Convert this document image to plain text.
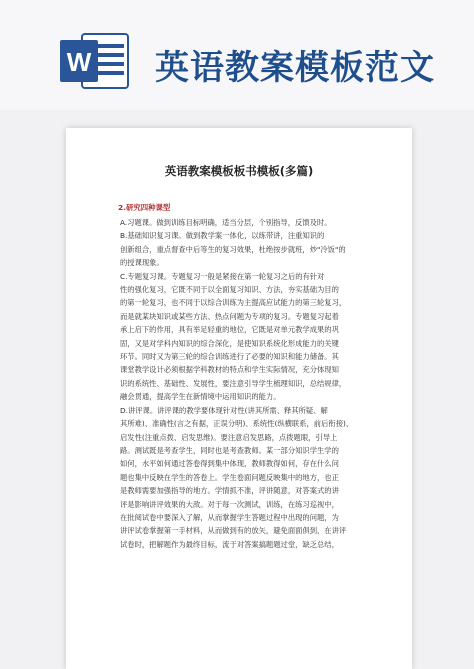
W 英语教案模板范文
英语教案模板板书模板(多篇)
2.研究四种课型
A.习题课。做到训练目标明确，适当分层，个别指导，反馈及时。
B.基础知识复习课。做到教学案一体化，以练带讲，注重知识的
创新组合，重点督查中后等生的复习效果，杜绝按步就班，炒"冷饭"的
的授课现象。
C.专题复习课。专题复习一般是紧接在第一轮复习之后的有针对
性的强化复习，它既不同于以全面复习知识、方法，夯实基础为目的
的第一轮复习，也不同于以综合训练为主提高应试能力的第三轮复习，
而是就某块知识或某些方法、热点问题为专项的复习。专题复习起着
承上启下的作用，具有举足轻重的地位，它既是对单元教学成果的巩
固，又是对学科内知识的综合深化，是使知识系统化形成能力的关键
环节。同时又为第三轮的综合训练进行了必要的知识和能力储备。其
课堂教学设计必须根据学科教材的特点和学生实际情况，充分体现知
识的系统性、基础性、发展性，要注意引导学生梳理知识，总结规律，
融会贯通，提高学生在新情境中运用知识的能力。
D.讲评课。讲评课的教学要体现针对性(讲其所需、释其所疑、解
其所难)、准确性(言之有据，正误分明)、系统性(纵横联系，前后衔接)、
启发性(注重点拨、启发思维)。要注意启发思路，点拨题眼，引导上
路。测试既是考查学生，同时也是考查教师。某一部分知识学生学的
如何，水平如何通过答卷得到集中体现，教师教得如何，存在什么问
题也集中反映在学生的答卷上。学生卷面问题反映集中的地方，也正
是教师需要加强指导的地方。学情抓不准，评讲随意，对答案式的讲
评是影响讲评效果的大敌。对于每一次测试，训练，在练习巡视中，
在批阅试卷中要深入了解，从而掌握学生答题过程中出现的问题，为
讲评试卷掌握第一手材料，从而做到有的放矢，避免面面俱到，在讲评
试卷时，把解题作为最终目标，流于对答案搞题题过堂，缺乏总结，
